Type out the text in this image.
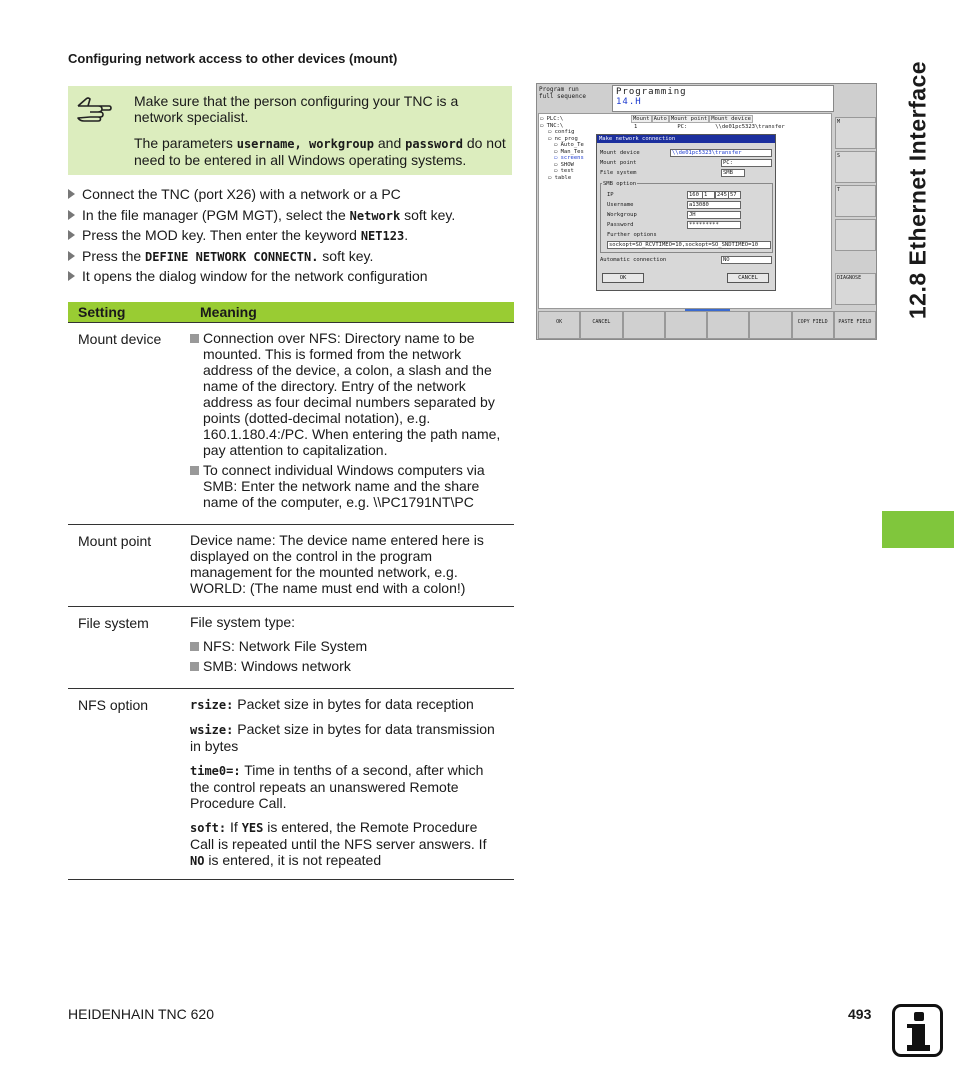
Configuring network access to other devices (mount)

Make sure that the person configuring your TNC is a network specialist.

The parameters username, workgroup and password do not need to be entered in all Windows operating systems.

Connect the TNC (port X26) with a network or a PC
In the file manager (PGM MGT), select the Network soft key.
Press the MOD key. Then enter the keyword NET123.
Press the DEFINE NETWORK CONNECTN. soft key.
It opens the dialog window for the network configuration
Setting	Meaning
Mount device	Connection over NFS: Directory name to be mounted. This is formed from the network address of the device, a colon, a slash and the name of the directory. Entry of the network address as four decimal numbers separated by points (dotted-decimal notation), e.g. 160.1.180.4:/PC. When entering the path name, pay attention to capitalization.
To connect individual Windows computers via SMB: Enter the network name and the share name of the computer, e.g. \\PC1791NT\PC

Mount point	Device name: The device name entered here is displayed on the control in the program management for the mounted network, e.g. WORLD: (The name must end with a colon!)
File system	File system type:
NFS: Network File System
SMB: Windows network

NFS option	rsize: Packet size in bytes for data reception
wsize: Packet size in bytes for data transmission in bytes
time0=: Time in tenths of a second, after which the control repeats an unanswered Remote Procedure Call.
soft: If YES is entered, the Remote Procedure Call is repeated until the NFS server answers. If NO is entered, it is not repeated
Program run
full sequence	Programming
14.H
▭ PLC:\
▭ TNC:\
▭ config
▭ nc_prog
▭ Auto_Te
▭ Man_Tes
▭ screens
▭ SHOW
▭ test
▭ table
Mount Auto Mount point Mount device
1	PC:	\\de01pc5323\transfer
Make network connection
Mount device	\\de01pc5323\transfer
Mount point	PC:
File system	SMB
SMB option
IP	160 1	245 57
Username	a13080
Workgroup	JH
Password	*********
Further options
sockopt=SO_RCVTIMEO=10,sockopt=SO_SNDTIMEO=10
Automatic connection	NO
OK	CANCEL
M
S
T
DIAGNOSE
OK	CANCEL	COPY FIELD	PASTE FIELD
12.8 Ethernet Interface
HEIDENHAIN TNC 620	493
